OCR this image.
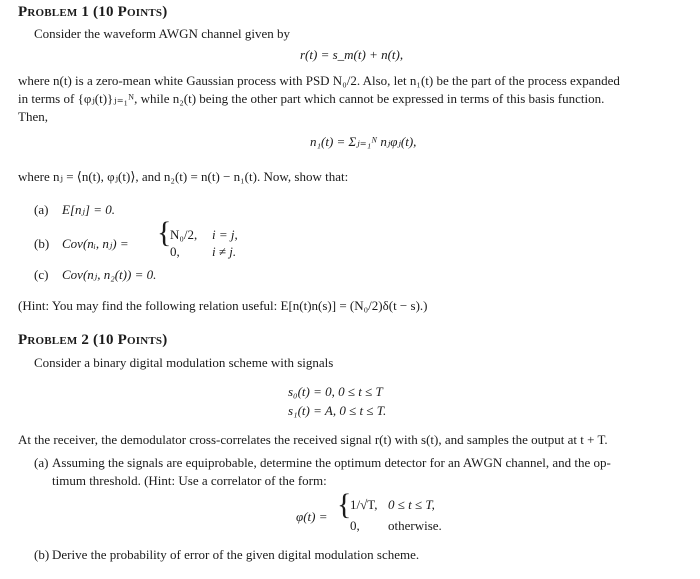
Problem 1 (10 Points)
Consider the waveform AWGN channel given by
r(t) = s_m(t) + n(t),
where n(t) is a zero-mean white Gaussian process with PSD N₀/2. Also, let n₁(t) be the part of the process expanded
in terms of {φⱼ(t)}ⱼ₌₁ᴺ, while n₂(t) being the other part which cannot be expressed in terms of this basis function.
Then,
n₁(t) = Σⱼ₌₁ᴺ nⱼφⱼ(t),
where nⱼ = ⟨n(t), φⱼ(t)⟩, and n₂(t) = n(t) − n₁(t). Now, show that:
(a) E[nⱼ] = 0.
(b) Cov(nᵢ, nⱼ) = {
N₀/2, i = j,
0, i ≠ j.
(c) Cov(nⱼ, n₂(t)) = 0.
(Hint: You may find the following relation useful: E[n(t)n(s)] = (N₀/2)δ(t − s).)
Problem 2 (10 Points)
Consider a binary digital modulation scheme with signals
s₀(t) = 0, 0 ≤ t ≤ T
s₁(t) = A, 0 ≤ t ≤ T.
At the receiver, the demodulator cross-correlates the received signal r(t) with s(t), and samples the output at t + T.
(a) Assuming the signals are equiprobable, determine the optimum detector for an AWGN channel, and the op-
timum threshold. (Hint: Use a correlator of the form:
φ(t) = {
1/√T, 0 ≤ t ≤ T,
0, otherwise.
(b) Derive the probability of error of the given digital modulation scheme.
